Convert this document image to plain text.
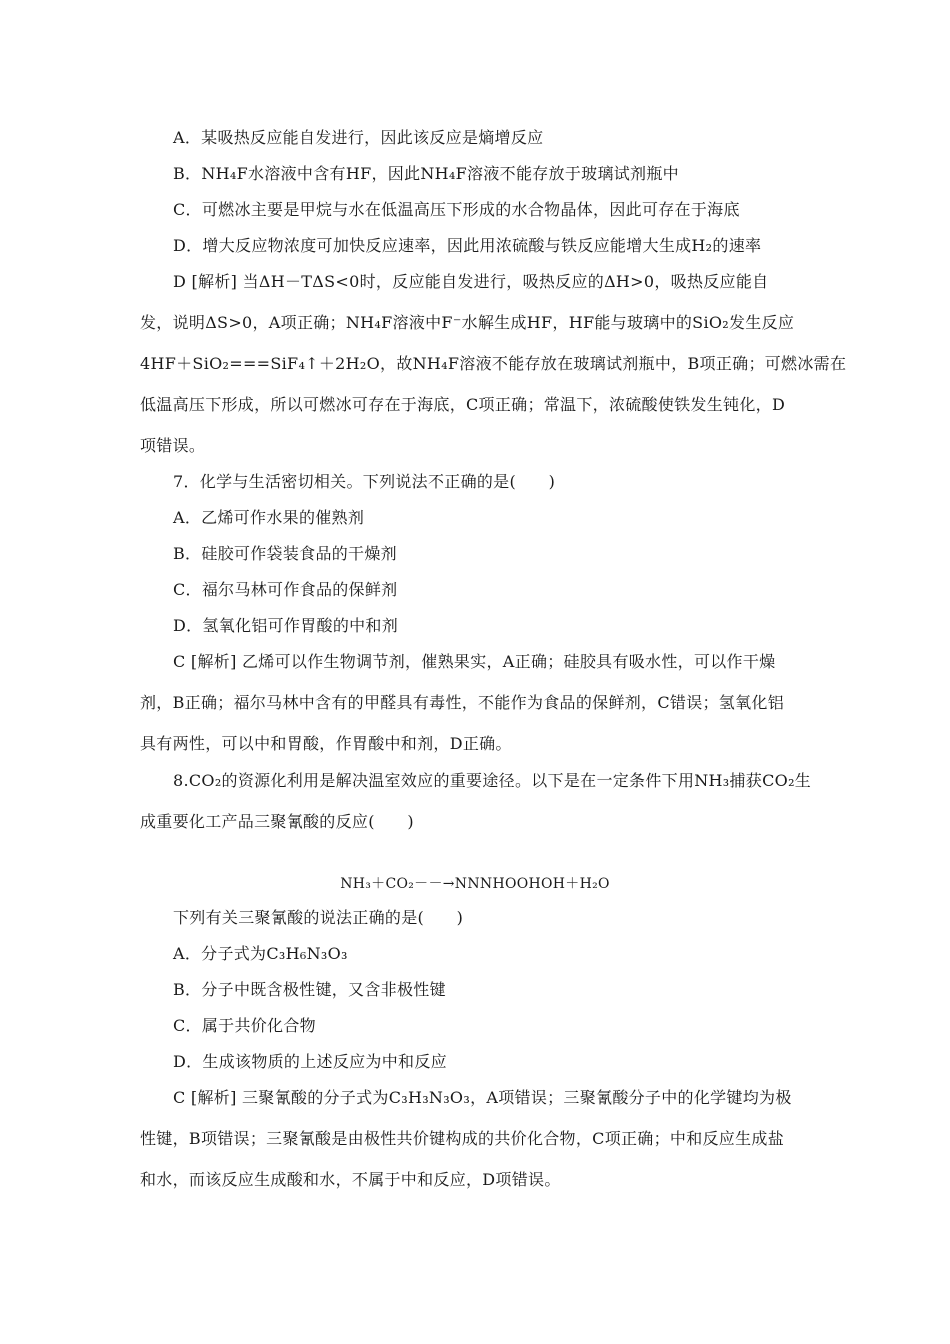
A．某吸热反应能自发进行，因此该反应是熵增反应
B．NH₄F水溶液中含有HF，因此NH₄F溶液不能存放于玻璃试剂瓶中
C．可燃冰主要是甲烷与水在低温高压下形成的水合物晶体，因此可存在于海底
D．增大反应物浓度可加快反应速率，因此用浓硫酸与铁反应能增大生成H₂的速率
D [解析] 当ΔH－TΔS<0时，反应能自发进行，吸热反应的ΔH>0，吸热反应能自
发，说明ΔS>0，A项正确；NH₄F溶液中F⁻水解生成HF，HF能与玻璃中的SiO₂发生反应
4HF＋SiO₂===SiF₄↑＋2H₂O，故NH₄F溶液不能存放在玻璃试剂瓶中，B项正确；可燃冰需在
低温高压下形成，所以可燃冰可存在于海底，C项正确；常温下，浓硫酸使铁发生钝化，D
项错误。
7．化学与生活密切相关。下列说法不正确的是(　　)
A．乙烯可作水果的催熟剂
B．硅胶可作袋装食品的干燥剂
C．福尔马林可作食品的保鲜剂
D．氢氧化铝可作胃酸的中和剂
C [解析] 乙烯可以作生物调节剂，催熟果实，A正确；硅胶具有吸水性，可以作干燥
剂，B正确；福尔马林中含有的甲醛具有毒性，不能作为食品的保鲜剂，C错误；氢氧化铝
具有两性，可以中和胃酸，作胃酸中和剂，D正确。
8.CO₂的资源化利用是解决温室效应的重要途径。以下是在一定条件下用NH₃捕获CO₂生
成重要化工产品三聚氰酸的反应(　　)
NH₃＋CO₂－－→NNNHOOHOH＋H₂O
下列有关三聚氰酸的说法正确的是(　　)
A．分子式为C₃H₆N₃O₃
B．分子中既含极性键，又含非极性键
C．属于共价化合物
D．生成该物质的上述反应为中和反应
C [解析] 三聚氰酸的分子式为C₃H₃N₃O₃，A项错误；三聚氰酸分子中的化学键均为极
性键，B项错误；三聚氰酸是由极性共价键构成的共价化合物，C项正确；中和反应生成盐
和水，而该反应生成酸和水，不属于中和反应，D项错误。
